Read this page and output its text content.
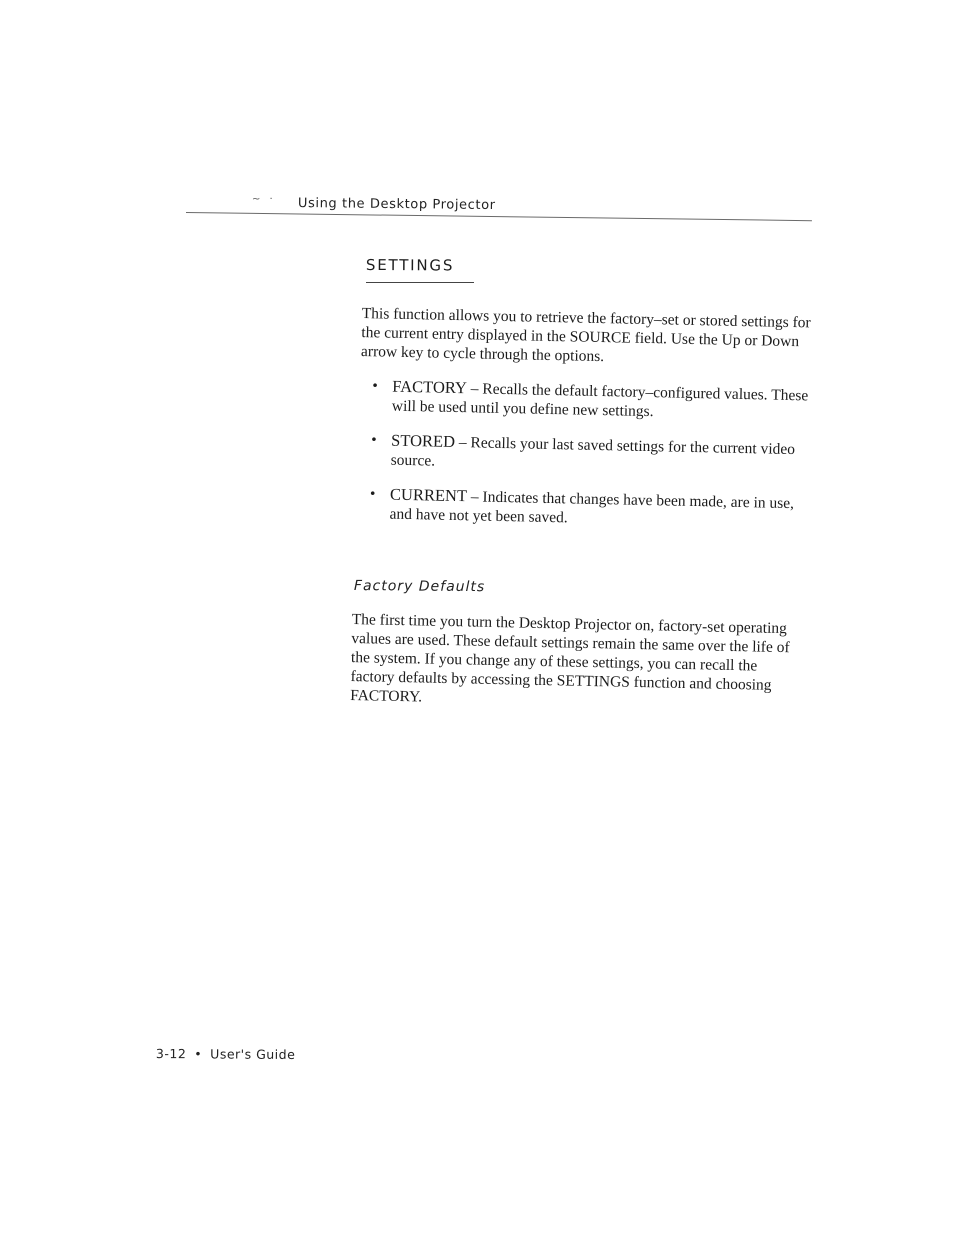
~ · Using the Desktop Projector
SETTINGS

This function allows you to retrieve the factory–set or stored settings for the current entry displayed in the SOURCE field. Use the Up or Down arrow key to cycle through the options.

• FACTORY – Recalls the default factory–configured values. These will be used until you define new settings.
• STORED – Recalls your last saved settings for the current video source.
• CURRENT – Indicates that changes have been made, are in use, and have not yet been saved.
Factory Defaults

The first time you turn the Desktop Projector on, factory-set operating values are used. These default settings remain the same over the life of the system. If you change any of these settings, you can recall the factory defaults by accessing the SETTINGS function and choosing FACTORY.

3-12 • User's Guide
